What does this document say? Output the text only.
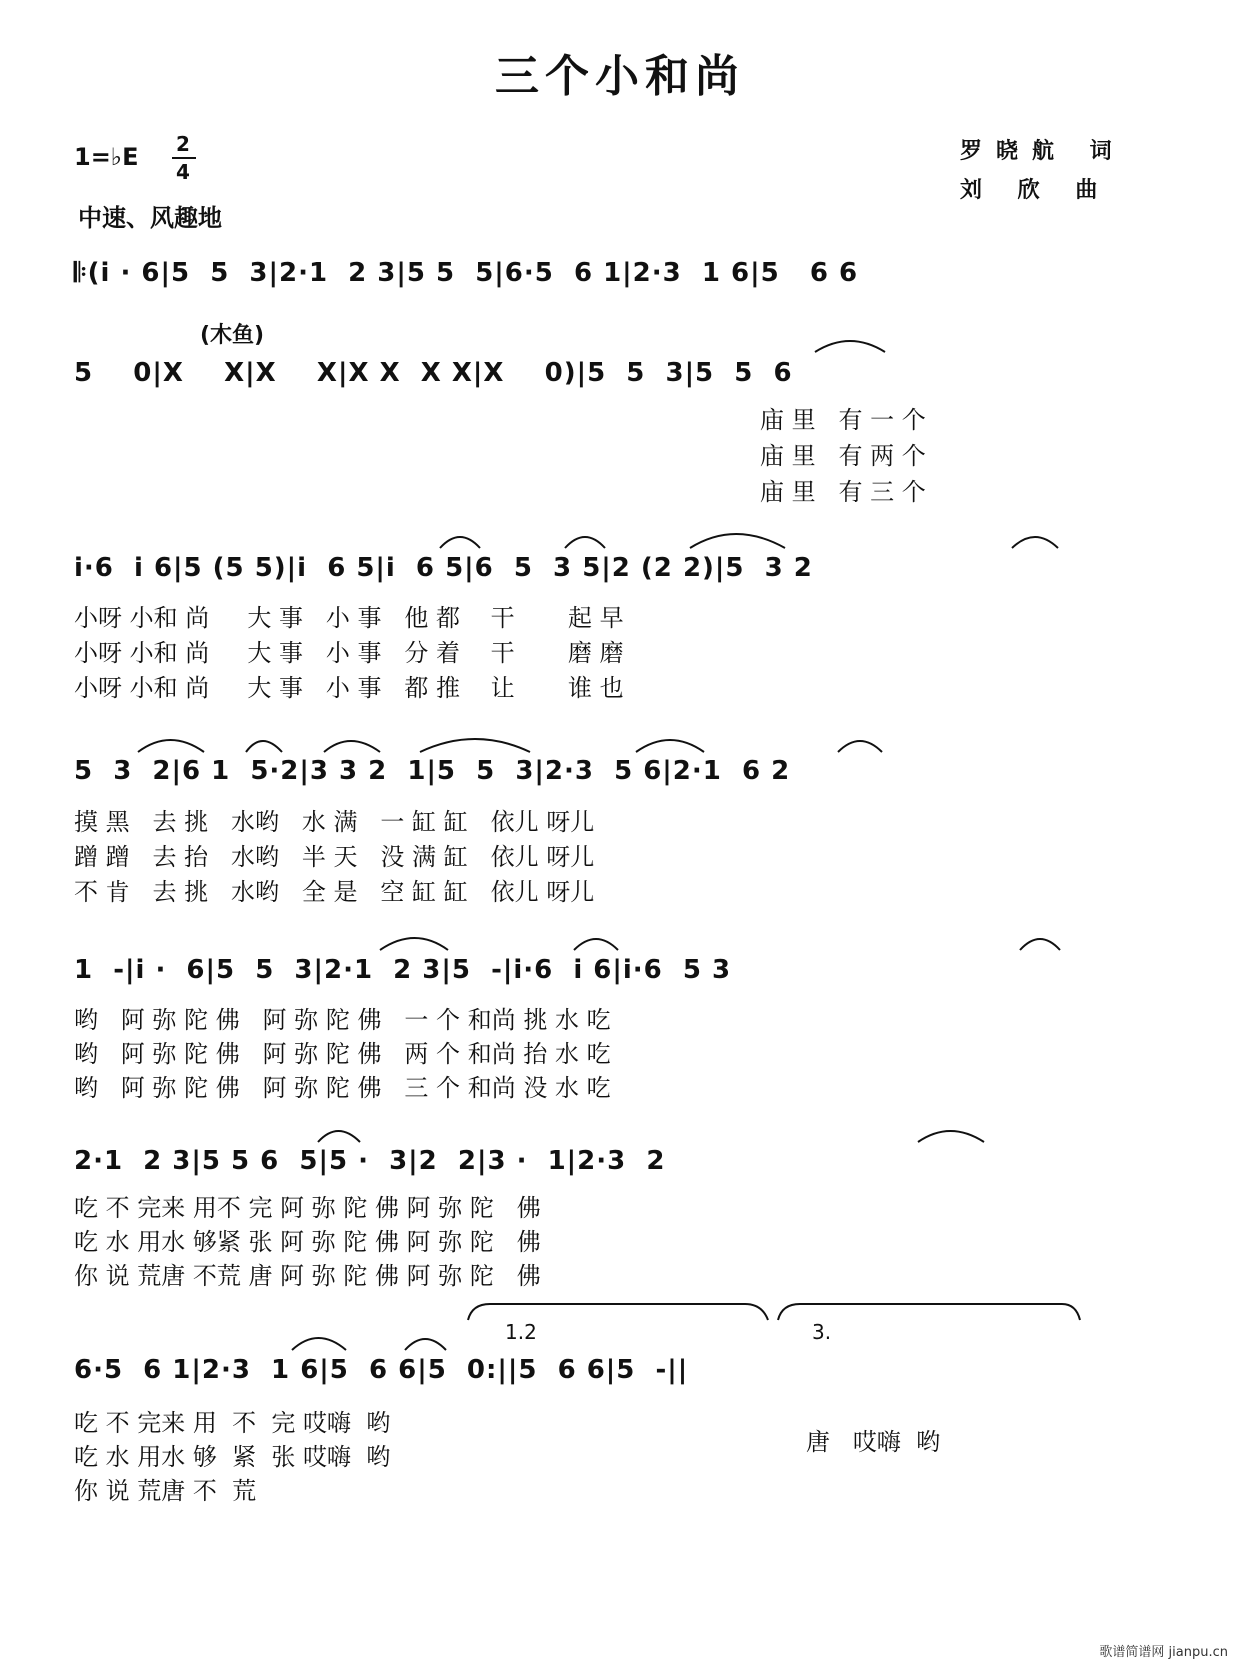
三个小和尚
1=♭E 2
4
中速、风趣地
罗晓航 词
刘 欣 曲
(木鱼)
𝄆(i · 6|5  5  3|2·1  2 3|5 5  5|6·5  6 1|2·3  1 6|5   6 6
5    0|X    X|X    X|X X  X X|X    0)|5  5  3|5  5  6
庙 里   有 一 个
庙 里   有 两 个
庙 里   有 三 个
i·6  i 6|5 (5 5)|i  6 5|i  6 5|6  5  3 5|2 (2 2)|5  3 2
小呀 小和 尚     大 事   小 事   他 都    干       起 早
小呀 小和 尚     大 事   小 事   分 着    干       磨 磨
小呀 小和 尚     大 事   小 事   都 推    让       谁 也
5  3  2|6 1  5·2|3 3 2  1|5  5  3|2·3  5 6|2·1  6 2
摸 黑   去 挑   水哟   水 满   一 缸 缸   依儿 呀儿
蹭 蹭   去 抬   水哟   半 天   没 满 缸   依儿 呀儿
不 肯   去 挑   水哟   全 是   空 缸 缸   依儿 呀儿
1  -|i ·  6|5  5  3|2·1  2 3|5  -|i·6  i 6|i·6  5 3
哟   阿 弥 陀 佛   阿 弥 陀 佛   一 个 和尚 挑 水 吃
哟   阿 弥 陀 佛   阿 弥 陀 佛   两 个 和尚 抬 水 吃
哟   阿 弥 陀 佛   阿 弥 陀 佛   三 个 和尚 没 水 吃
2·1  2 3|5 5 6  5|5 ·  3|2  2|3 ·  1|2·3  2
吃 不 完来 用不 完 阿 弥 陀 佛 阿 弥 陀   佛
吃 水 用水 够紧 张 阿 弥 陀 佛 阿 弥 陀   佛
你 说 荒唐 不荒 唐 阿 弥 陀 佛 阿 弥 陀   佛
1.2	3.
6·5  6 1|2·3  1 6|5  6 6|5  0:||5  6 6|5  -||
吃 不 完来 用  不  完 哎嗨  哟
吃 水 用水 够  紧  张 哎嗨  哟
你 说 荒唐 不  荒
唐   哎嗨  哟
歌谱简谱网 jianpu.cn
